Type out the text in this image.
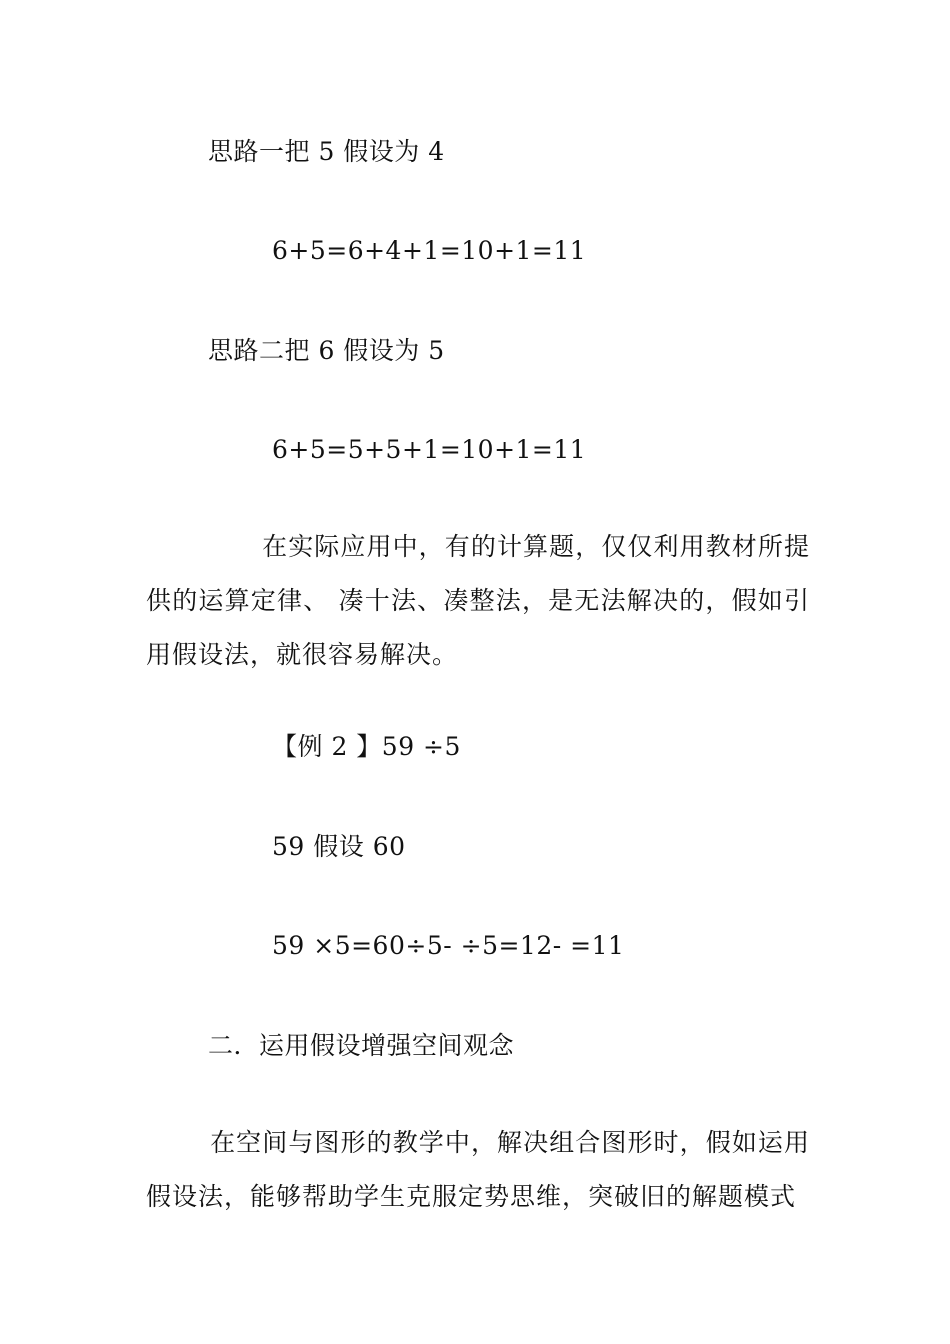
思路一把 5 假设为 4
6+5=6+4+1=10+1=11
思路二把 6 假设为 5
6+5=5+5+1=10+1=11
在实际应用中，有的计算题，仅仅利用教材所提供的运算定律、 凑十法、凑整法，是无法解决的，假如引用假设法，就很容易解决。
【例 2 】59 ÷5
59 假设 60
59 ×5=60÷5- ÷5=12- =11
二．运用假设增强空间观念
在空间与图形的教学中，解决组合图形时，假如运用假设法，能够帮助学生克服定势思维，突破旧的解题模式
